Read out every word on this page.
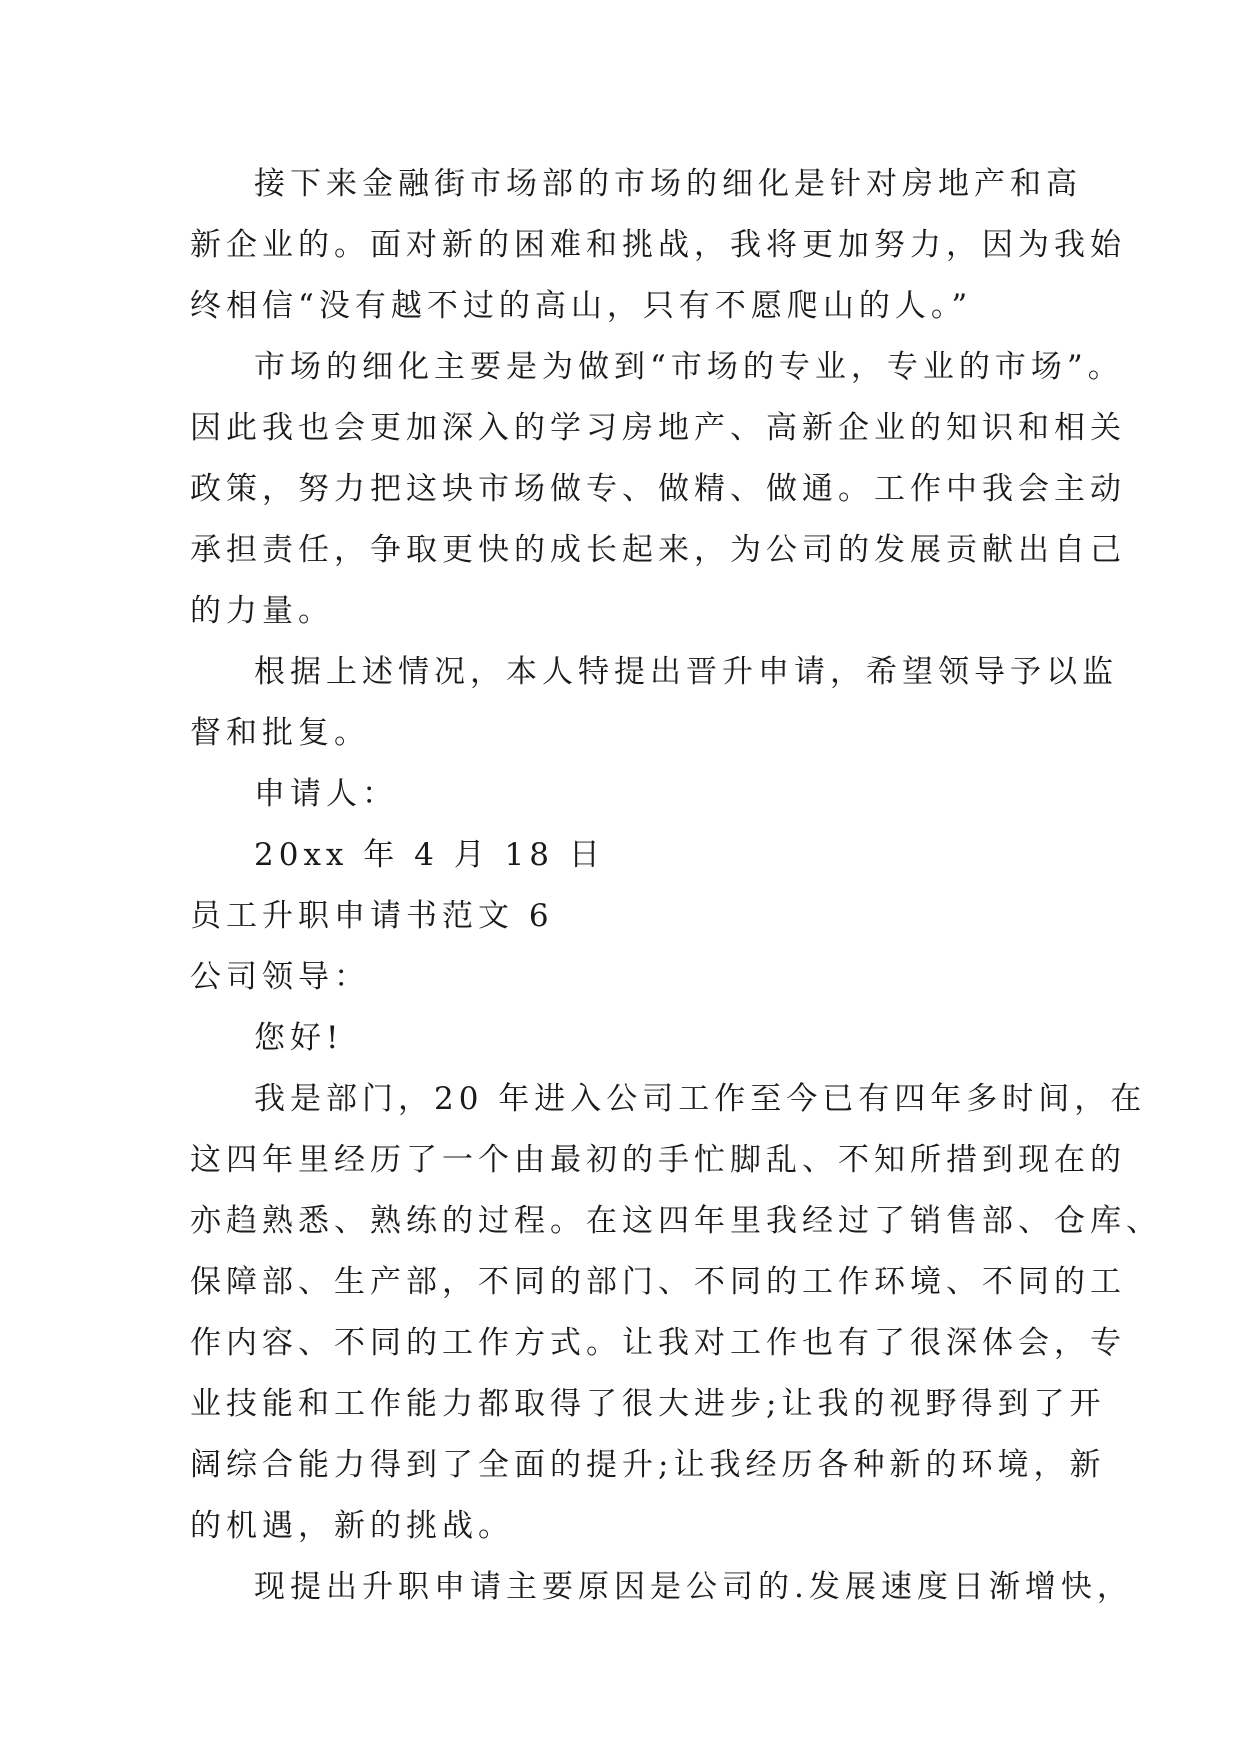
接下来金融街市场部的市场的细化是针对房地产和高
新企业的。面对新的困难和挑战，我将更加努力，因为我始
终相信“没有越不过的高山，只有不愿爬山的人。”
市场的细化主要是为做到“市场的专业，专业的市场”。
因此我也会更加深入的学习房地产、高新企业的知识和相关
政策，努力把这块市场做专、做精、做通。工作中我会主动
承担责任，争取更快的成长起来，为公司的发展贡献出自己
的力量。
根据上述情况，本人特提出晋升申请，希望领导予以监
督和批复。
申请人：
20xx 年 4 月 18 日
员工升职申请书范文 6
公司领导：
您好!
我是部门，20 年进入公司工作至今已有四年多时间，在
这四年里经历了一个由最初的手忙脚乱、不知所措到现在的
亦趋熟悉、熟练的过程。在这四年里我经过了销售部、仓库、
保障部、生产部，不同的部门、不同的工作环境、不同的工
作内容、不同的工作方式。让我对工作也有了很深体会，专
业技能和工作能力都取得了很大进步;让我的视野得到了开
阔综合能力得到了全面的提升;让我经历各种新的环境，新
的机遇，新的挑战。
现提出升职申请主要原因是公司的.发展速度日渐增快，
